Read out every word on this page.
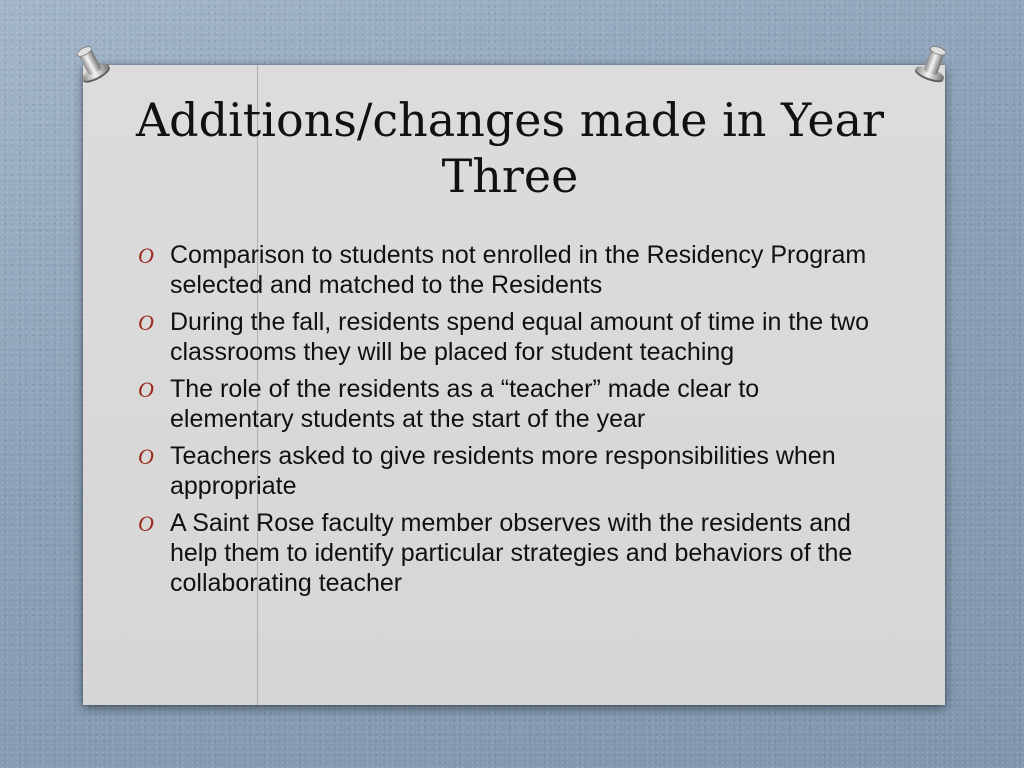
Additions/changes made in Year Three
O Comparison to students not enrolled in the Residency Program selected and matched to the Residents
O During the fall, residents spend equal amount of time in the two classrooms they will be placed for student teaching
O The role of the residents as a “teacher” made clear to elementary students at the start of the year
O Teachers asked to give residents more responsibilities when appropriate
O A Saint Rose faculty member observes with the residents and help them to identify particular strategies and behaviors of the collaborating teacher
